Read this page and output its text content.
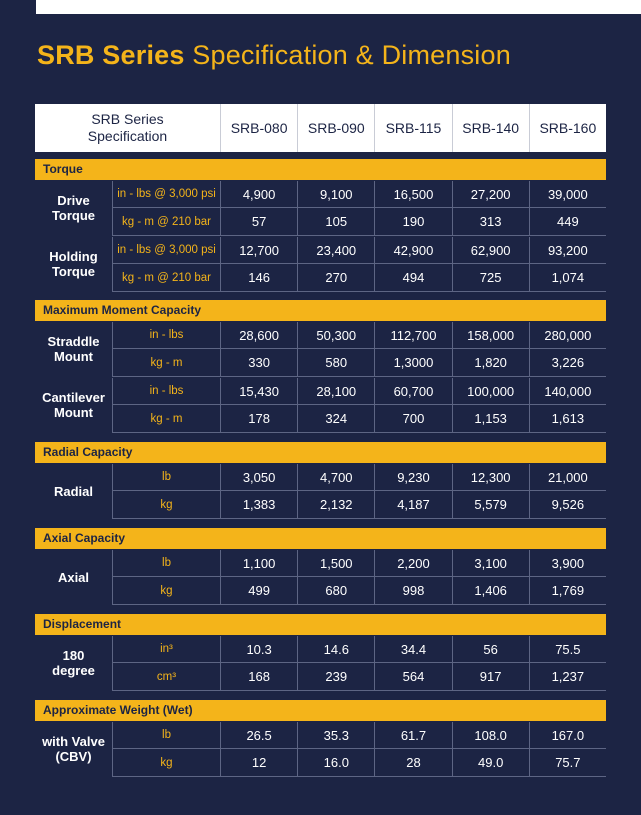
SRB Series Specification & Dimension
SRB Series
Specification	SRB-080	SRB-090	SRB-115	SRB-140	SRB-160
Torque
Drive
Torque
in - lbs @ 3,000 psi	4,900	9,100	16,500	27,200	39,000
kg - m @ 210 bar	57	105	190	313	449
Holding
Torque
in - lbs @ 3,000 psi	12,700	23,400	42,900	62,900	93,200
kg - m @ 210 bar	146	270	494	725	1,074
Maximum Moment Capacity
Straddle
Mount
in - lbs	28,600	50,300	112,700	158,000	280,000
kg - m	330	580	1,3000	1,820	3,226
Cantilever
Mount
in - lbs	15,430	28,100	60,700	100,000	140,000
kg - m	178	324	700	1,153	1,613
Radial Capacity
Radial
lb	3,050	4,700	9,230	12,300	21,000
kg	1,383	2,132	4,187	5,579	9,526
Axial Capacity
Axial
lb	1,100	1,500	2,200	3,100	3,900
kg	499	680	998	1,406	1,769
Displacement
180
degree
in³	10.3	14.6	34.4	56	75.5
cm³	168	239	564	917	1,237
Approximate Weight (Wet)
with Valve
(CBV)
lb	26.5	35.3	61.7	108.0	167.0
kg	12	16.0	28	49.0	75.7
